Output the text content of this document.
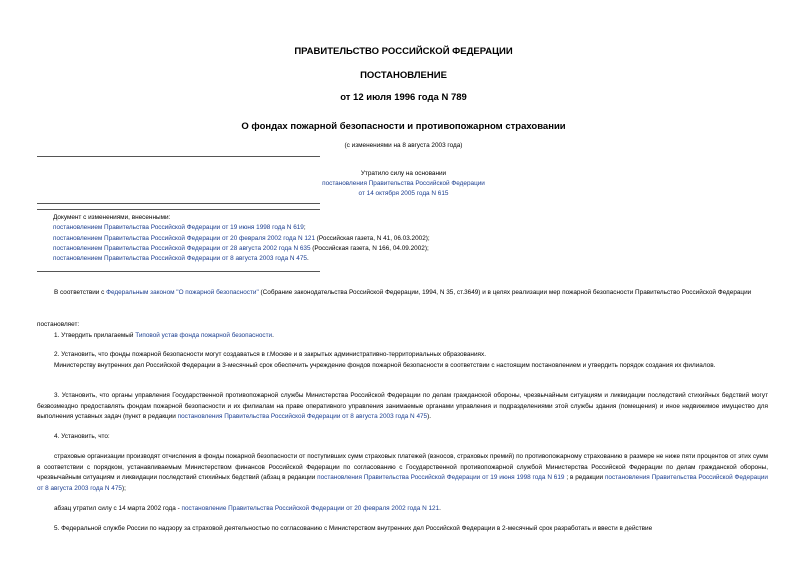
ПРАВИТЕЛЬСТВО РОССИЙСКОЙ ФЕДЕРАЦИИ
ПОСТАНОВЛЕНИЕ
от 12 июля 1996 года N 789
О фондах пожарной безопасности и противопожарном страховании
(с изменениями на 8 августа 2003 года)
Утратило силу на основании
постановления Правительства Российской Федерации
от 14 октября 2005 года N 615
Документ с изменениями, внесенными:
постановлением Правительства Российской Федерации от 19 июня 1998 года N 619;
постановлением Правительства Российской Федерации от 20 февраля 2002 года N 121 (Российская газета, N 41, 06.03.2002);
постановлением Правительства Российской Федерации от 28 августа 2002 года N 635 (Российская газета, N 166, 04.09.2002);
постановлением Правительства Российской Федерации от 8 августа 2003 года N 475.
В соответствии с Федеральным законом "О пожарной безопасности" (Собрание законодательства Российской Федерации, 1994, N 35, ст.3649) и в целях реализации мер пожарной безопасности Правительство Российской Федерации
постановляет:
1. Утвердить прилагаемый Типовой устав фонда пожарной безопасности.
2. Установить, что фонды пожарной безопасности могут создаваться в г.Москве и в закрытых административно-территориальных образованиях.
Министерству внутренних дел Российской Федерации в 3-месячный срок обеспечить учреждение фондов пожарной безопасности в соответствии с настоящим постановлением и утвердить порядок создания их филиалов.
3. Установить, что органы управления Государственной противопожарной службы Министерства Российской Федерации по делам гражданской обороны, чрезвычайным ситуациям и ликвидации последствий стихийных бедствий могут безвозмездно предоставлять фондам пожарной безопасности и их филиалам на праве оперативного управления занимаемые органами управления и подразделениями этой службы здания (помещения) и иное недвижимое имущество для выполнения уставных задач (пункт в редакции постановления Правительства Российской Федерации от 8 августа 2003 года N 475).
4. Установить, что:
страховые организации производят отчисления в фонды пожарной безопасности от поступивших сумм страховых платежей (взносов, страховых премий) по противопожарному страхованию в размере не ниже пяти процентов от этих сумм в соответствии с порядком, устанавливаемым Министерством финансов Российской Федерации по согласованию с Государственной противопожарной службой Министерства Российской Федерации по делам гражданской обороны, чрезвычайным ситуациям и ликвидации последствий стихийных бедствий (абзац в редакции постановления Правительства Российской Федерации от 19 июня 1998 года N 619 ; в редакции постановления Правительства Российской Федерации от 8 августа 2003 года N 475);
абзац утратил силу с 14 марта 2002 года - постановление Правительства Российской Федерации от 20 февраля 2002 года N 121.
5. Федеральной службе России по надзору за страховой деятельностью по согласованию с Министерством внутренних дел Российской Федерации в 2-месячный срок разработать и ввести в действие
